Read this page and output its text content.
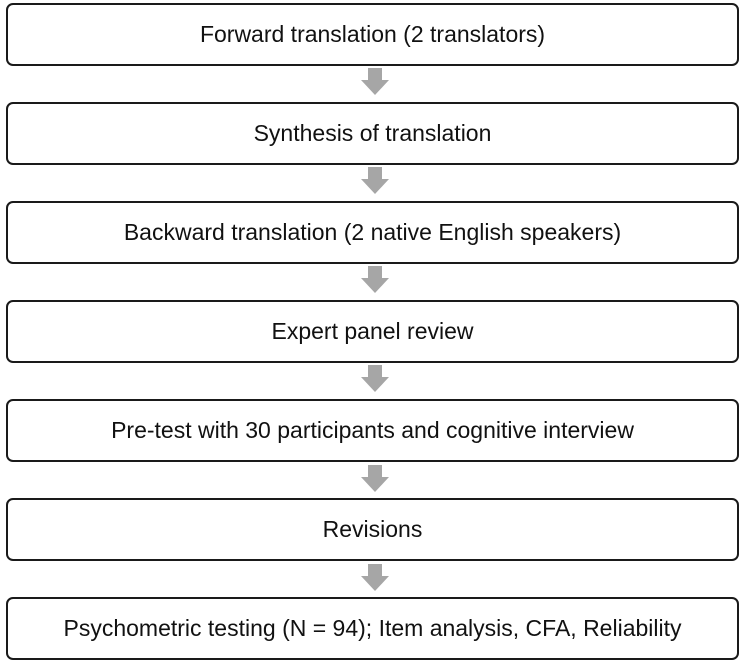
Forward translation (2 translators)
Synthesis of translation
Backward translation (2 native English speakers)
Expert panel review
Pre-test with 30 participants and cognitive interview
Revisions
Psychometric testing (N = 94); Item analysis, CFA, Reliability
